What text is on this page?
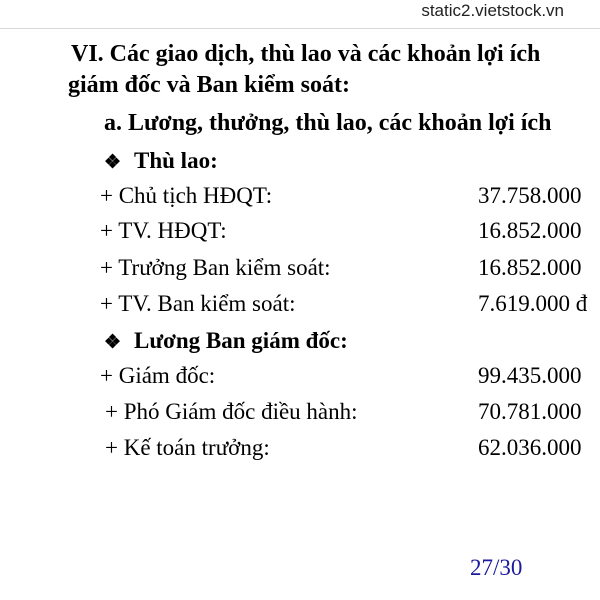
static2.vietstock.vn
VI. Các giao dịch, thù lao và các khoản lợi ích
giám đốc và Ban kiểm soát:
a. Lương, thưởng, thù lao, các khoản lợi ích
❖ Thù lao:
+ Chủ tịch HĐQT:	37.758.000
+ TV. HĐQT:	16.852.000
+ Trưởng Ban kiểm soát:	16.852.000
+ TV. Ban kiểm soát:	7.619.000 đ
❖ Lương Ban giám đốc:
+ Giám đốc:	99.435.000
+ Phó Giám đốc điều hành:	70.781.000
+ Kế toán trưởng:	62.036.000
27/30
